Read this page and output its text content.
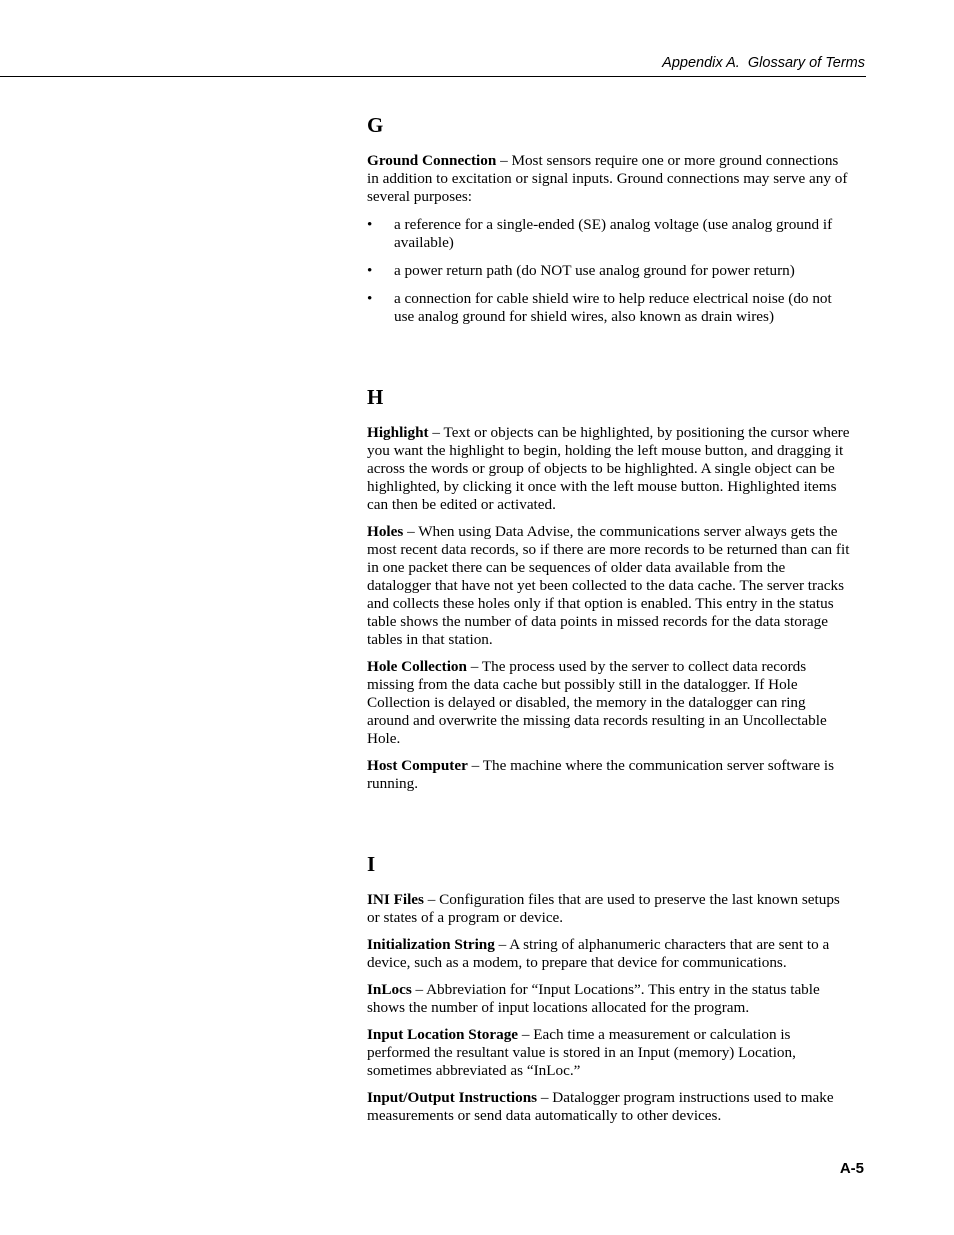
Appendix A.  Glossary of Terms
G

Ground Connection – Most sensors require one or more ground connections
in addition to excitation or signal inputs. Ground connections may serve any of
several purposes:

• a reference for a single-ended (SE) analog voltage (use analog ground if
available)
• a power return path (do NOT use analog ground for power return)
• a connection for cable shield wire to help reduce electrical noise (do not
use analog ground for shield wires, also known as drain wires)
H

Highlight – Text or objects can be highlighted, by positioning the cursor where
you want the highlight to begin, holding the left mouse button, and dragging it
across the words or group of objects to be highlighted. A single object can be
highlighted, by clicking it once with the left mouse button. Highlighted items
can then be edited or activated.

Holes – When using Data Advise, the communications server always gets the
most recent data records, so if there are more records to be returned than can fit
in one packet there can be sequences of older data available from the
datalogger that have not yet been collected to the data cache. The server tracks
and collects these holes only if that option is enabled. This entry in the status
table shows the number of data points in missed records for the data storage
tables in that station.

Hole Collection – The process used by the server to collect data records
missing from the data cache but possibly still in the datalogger. If Hole
Collection is delayed or disabled, the memory in the datalogger can ring
around and overwrite the missing data records resulting in an Uncollectable
Hole.

Host Computer – The machine where the communication server software is
running.

I

INI Files – Configuration files that are used to preserve the last known setups
or states of a program or device.

Initialization String – A string of alphanumeric characters that are sent to a
device, such as a modem, to prepare that device for communications.

InLocs – Abbreviation for “Input Locations”. This entry in the status table
shows the number of input locations allocated for the program.

Input Location Storage – Each time a measurement or calculation is
performed the resultant value is stored in an Input (memory) Location,
sometimes abbreviated as “InLoc.”

Input/Output Instructions – Datalogger program instructions used to make
measurements or send data automatically to other devices.

A-5
